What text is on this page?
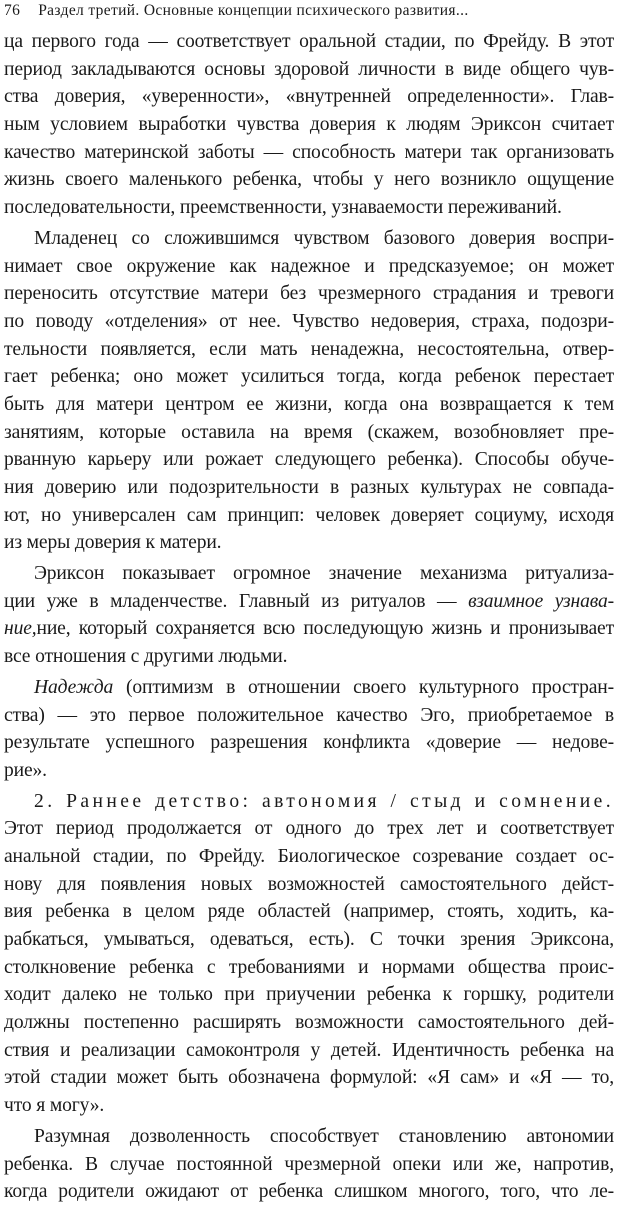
76 Раздел третий. Основные концепции психического развития...
ца первого года — соответствует оральной стадии, по Фрейду. В этот
период закладываются основы здоровой личности в виде общего чув-
ства доверия, «уверенности», «внутренней определенности». Глав-
ным условием выработки чувства доверия к людям Эриксон считает
качество материнской заботы — способность матери так организовать
жизнь своего маленького ребенка, чтобы у него возникло ощущение
последовательности, преемственности, узнаваемости переживаний.
Младенец со сложившимся чувством базового доверия воспри-
нимает свое окружение как надежное и предсказуемое; он может
переносить отсутствие матери без чрезмерного страдания и тревоги
по поводу «отделения» от нее. Чувство недоверия, страха, подозри-
тельности появляется, если мать ненадежна, несостоятельна, отвер-
гает ребенка; оно может усилиться тогда, когда ребенок перестает
быть для матери центром ее жизни, когда она возвращается к тем
занятиям, которые оставила на время (скажем, возобновляет пре-
рванную карьеру или рожает следующего ребенка). Способы обуче-
ния доверию или подозрительности в разных культурах не совпада-
ют, но универсален сам принцип: человек доверяет социуму, исходя
из меры доверия к матери.
Эриксон показывает огромное значение механизма ритуализа-
ции уже в младенчестве. Главный из ритуалов — взаимное узнава-
ние,ние, который сохраняется всю последующую жизнь и пронизывает
все отношения с другими людьми.
Надежда (оптимизм в отношении своего культурного простран-
ства) — это первое положительное качество Эго, приобретаемое в
результате успешного разрешения конфликта «доверие — недове-
рие».
2. Раннее детство: автономия / стыд и сомнение.
Этот период продолжается от одного до трех лет и соответствует
анальной стадии, по Фрейду. Биологическое созревание создает ос-
нову для появления новых возможностей самостоятельного дейст-
вия ребенка в целом ряде областей (например, стоять, ходить, ка-
рабкаться, умываться, одеваться, есть). С точки зрения Эриксона,
столкновение ребенка с требованиями и нормами общества проис-
ходит далеко не только при приучении ребенка к горшку, родители
должны постепенно расширять возможности самостоятельного дей-
ствия и реализации самоконтроля у детей. Идентичность ребенка на
этой стадии может быть обозначена формулой: «Я сам» и «Я — то,
что я могу».
Разумная дозволенность способствует становлению автономии
ребенка. В случае постоянной чрезмерной опеки или же, напротив,
когда родители ожидают от ребенка слишком многого, того, что ле-
